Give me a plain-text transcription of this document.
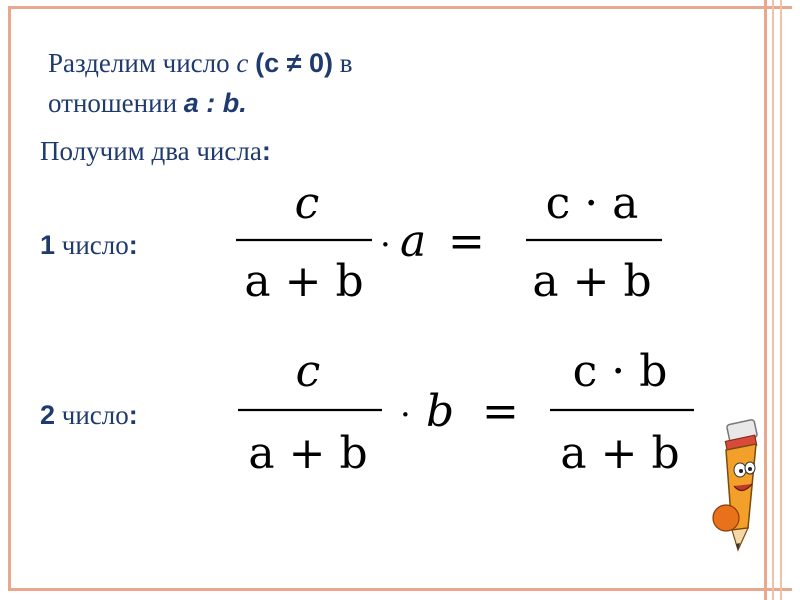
Разделим число c (с ≠ 0) в
отношении a : b.
Получим два числа:
1 число:
c
a + b
· a =
c · a
a + b
2 число:
c
a + b
· b =
c · b
a + b
